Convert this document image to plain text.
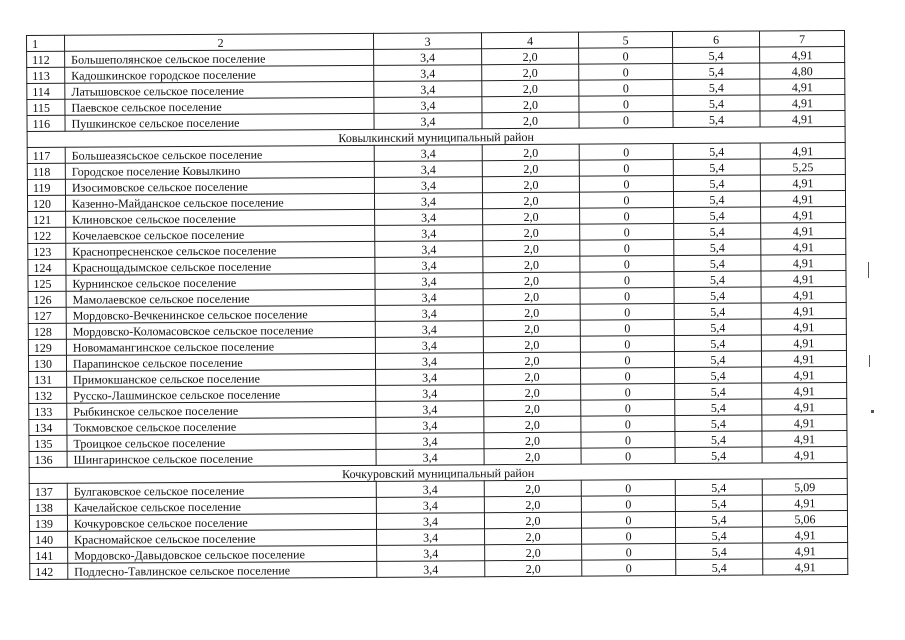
1	2	3	4	5	6	7
112	Большеполянское сельское поселение	3,4	2,0	0	5,4	4,91
113	Кадошкинское городское поселение	3,4	2,0	0	5,4	4,80
114	Латышовское сельское поселение	3,4	2,0	0	5,4	4,91
115	Паевское сельское поселение	3,4	2,0	0	5,4	4,91
116	Пушкинское сельское поселение	3,4	2,0	0	5,4	4,91
Ковылкинский муниципальный район						
117	Большеазясьское сельское поселение	3,4	2,0	0	5,4	4,91
118	Городское поселение Ковылкино	3,4	2,0	0	5,4	5,25
119	Изосимовское сельское поселение	3,4	2,0	0	5,4	4,91
120	Казенно-Майданское сельское поселение	3,4	2,0	0	5,4	4,91
121	Клиновское сельское поселение	3,4	2,0	0	5,4	4,91
122	Кочелаевское сельское поселение	3,4	2,0	0	5,4	4,91
123	Краснопресненское сельское поселение	3,4	2,0	0	5,4	4,91
124	Краснощадымское сельское поселение	3,4	2,0	0	5,4	4,91
125	Курнинское сельское поселение	3,4	2,0	0	5,4	4,91
126	Мамолаевское сельское поселение	3,4	2,0	0	5,4	4,91
127	Мордовско-Вечкенинское сельское поселение	3,4	2,0	0	5,4	4,91
128	Мордовско-Коломасовское сельское поселение	3,4	2,0	0	5,4	4,91
129	Новомамангинское сельское поселение	3,4	2,0	0	5,4	4,91
130	Парапинское сельское поселение	3,4	2,0	0	5,4	4,91
131	Примокшанское сельское поселение	3,4	2,0	0	5,4	4,91
132	Русско-Лашминское сельское поселение	3,4	2,0	0	5,4	4,91
133	Рыбкинское сельское поселение	3,4	2,0	0	5,4	4,91
134	Токмовское сельское поселение	3,4	2,0	0	5,4	4,91
135	Троицкое сельское поселение	3,4	2,0	0	5,4	4,91
136	Шингаринское сельское поселение	3,4	2,0	0	5,4	4,91
Кочкуровский муниципальный район						
137	Булгаковское сельское поселение	3,4	2,0	0	5,4	5,09
138	Качелайское сельское поселение	3,4	2,0	0	5,4	4,91
139	Кочкуровское сельское поселение	3,4	2,0	0	5,4	5,06
140	Красномайское сельское поселение	3,4	2,0	0	5,4	4,91
141	Мордовско-Давыдовское сельское поселение	3,4	2,0	0	5,4	4,91
142	Подлесно-Тавлинское сельское поселение	3,4	2,0	0	5,4	4,91
